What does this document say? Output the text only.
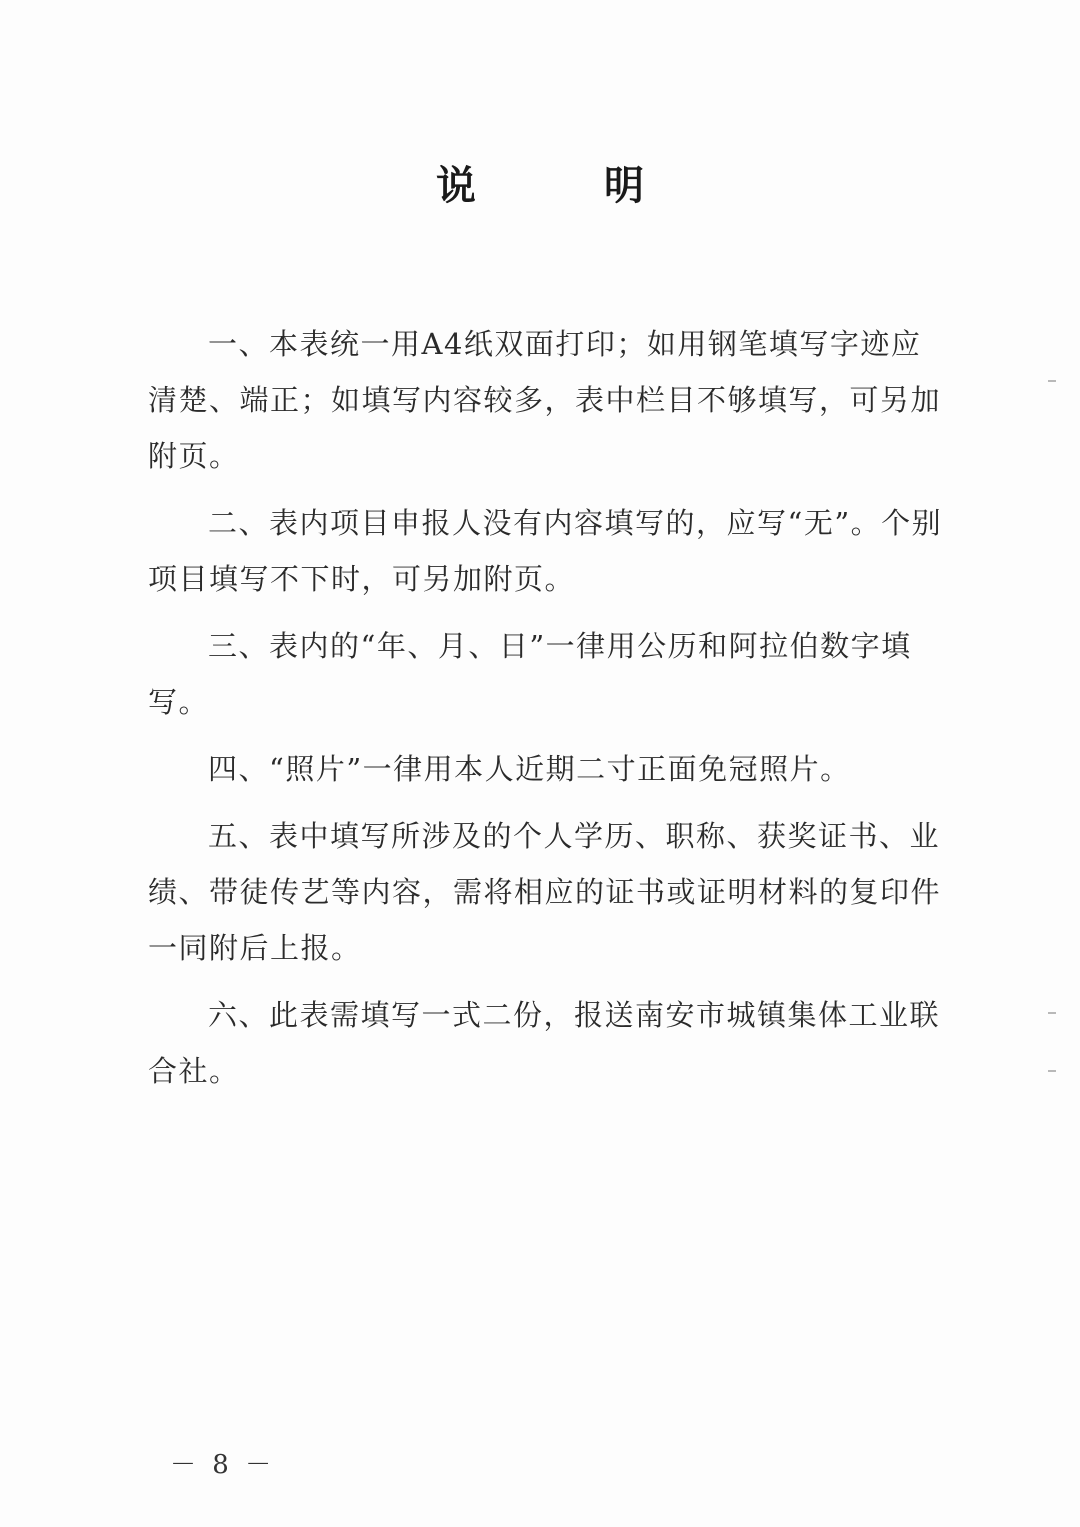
说　明

一、本表统一用A4纸双面打印；如用钢笔填写字迹应清楚、端正；如填写内容较多，表中栏目不够填写，可另加附页。

二、表内项目申报人没有内容填写的，应写“无”。个别项目填写不下时，可另加附页。

三、表内的“年、月、日”一律用公历和阿拉伯数字填写。

四、“照片”一律用本人近期二寸正面免冠照片。

五、表中填写所涉及的个人学历、职称、获奖证书、业绩、带徒传艺等内容，需将相应的证书或证明材料的复印件一同附后上报。

六、此表需填写一式二份，报送南安市城镇集体工业联合社。

－ 8 －
